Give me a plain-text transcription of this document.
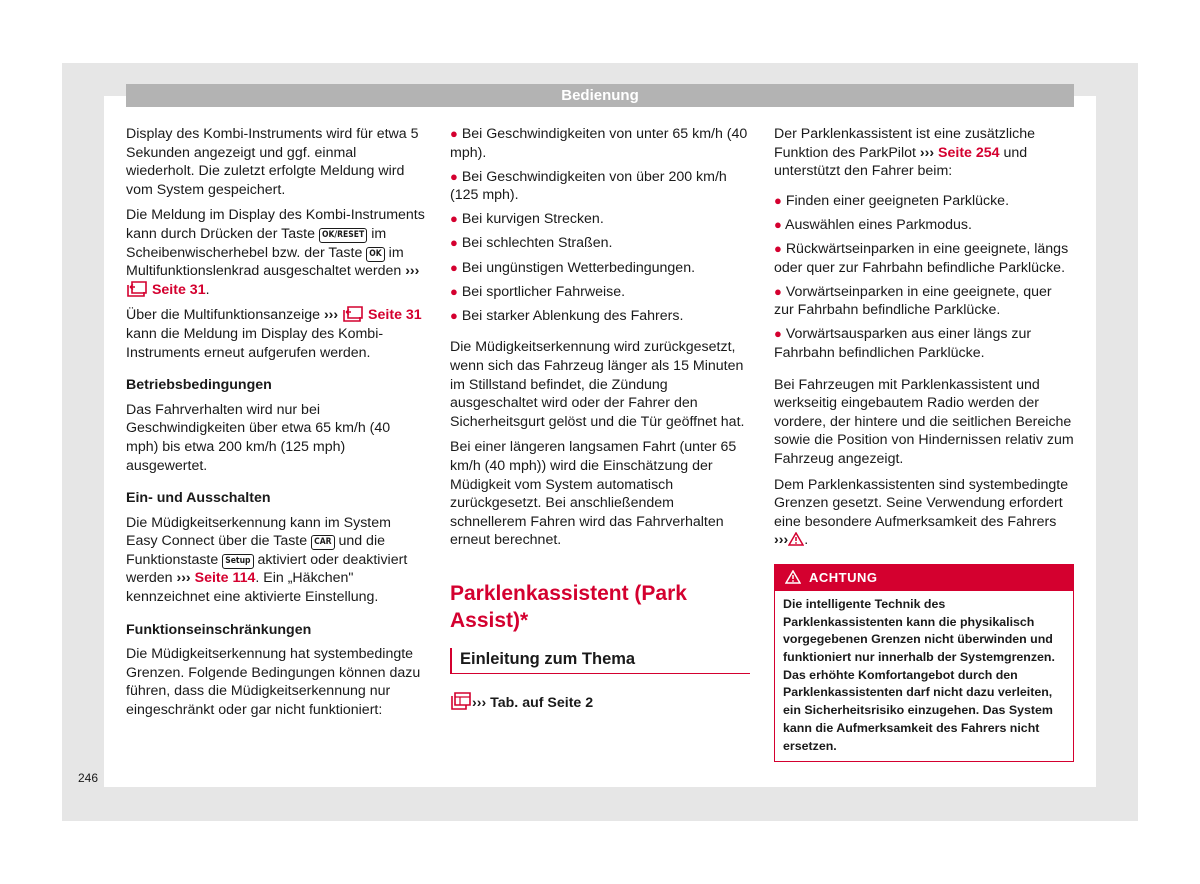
Bedienung

Display des Kombi-Instruments wird für etwa 5 Sekunden angezeigt und ggf. einmal wiederholt. Die zuletzt erfolgte Meldung wird vom System gespeichert.

Die Meldung im Display des Kombi-Instruments kann durch Drücken der Taste OK/RESET im Scheibenwischerhebel bzw. der Taste OK im Multifunktionslenkrad ausgeschaltet werden ›››  Seite 31.

Über die Multifunktionsanzeige ››› Seite 31 kann die Meldung im Display des Kombi-Instruments erneut aufgerufen werden.

Betriebsbedingungen

Das Fahrverhalten wird nur bei Geschwindigkeiten über etwa 65 km/h (40 mph) bis etwa 200 km/h (125 mph) ausgewertet.

Ein- und Ausschalten

Die Müdigkeitserkennung kann im System Easy Connect über die Taste CAR und die Funktionstaste Setup aktiviert oder deaktiviert werden ››› Seite 114. Ein „Häkchen" kennzeichnet eine aktivierte Einstellung.

Funktionseinschränkungen

Die Müdigkeitserkennung hat systembedingte Grenzen. Folgende Bedingungen können dazu führen, dass die Müdigkeitserkennung nur eingeschränkt oder gar nicht funktioniert:

● Bei Geschwindigkeiten von unter 65 km/h (40 mph).
● Bei Geschwindigkeiten von über 200 km/h (125 mph).
● Bei kurvigen Strecken.
● Bei schlechten Straßen.
● Bei ungünstigen Wetterbedingungen.
● Bei sportlicher Fahrweise.
● Bei starker Ablenkung des Fahrers.

Die Müdigkeitserkennung wird zurückgesetzt, wenn sich das Fahrzeug länger als 15 Minuten im Stillstand befindet, die Zündung ausgeschaltet wird oder der Fahrer den Sicherheitsgurt gelöst und die Tür geöffnet hat.

Bei einer längeren langsamen Fahrt (unter 65 km/h (40 mph)) wird die Einschätzung der Müdigkeit vom System automatisch zurückgesetzt. Bei anschließendem schnellerem Fahren wird das Fahrverhalten erneut berechnet.

Parklenkassistent (Park Assist)*
Einleitung zum Thema
››› Tab. auf Seite 2

Der Parklenkassistent ist eine zusätzliche Funktion des ParkPilot ››› Seite 254 und unterstützt den Fahrer beim:

● Finden einer geeigneten Parklücke.
● Auswählen eines Parkmodus.
● Rückwärtseinparken in eine geeignete, längs oder quer zur Fahrbahn befindliche Parklücke.
● Vorwärtseinparken in eine geeignete, quer zur Fahrbahn befindliche Parklücke.
● Vorwärtsausparken aus einer längs zur Fahrbahn befindlichen Parklücke.

Bei Fahrzeugen mit Parklenkassistent und werkseitig eingebautem Radio werden der vordere, der hintere und die seitlichen Bereiche sowie die Position von Hindernissen relativ zum Fahrzeug angezeigt.

Dem Parklenkassistenten sind systembedingte Grenzen gesetzt. Seine Verwendung erfordert eine besondere Aufmerksamkeit des Fahrers ››› .

ACHTUNG
Die intelligente Technik des Parklenkassistenten kann die physikalisch vorgegebenen Grenzen nicht überwinden und funktioniert nur innerhalb der Systemgrenzen. Das erhöhte Komfortangebot durch den Parklenkassistenten darf nicht dazu verleiten, ein Sicherheitsrisiko einzugehen. Das System kann die Aufmerksamkeit des Fahrers nicht ersetzen.
246
